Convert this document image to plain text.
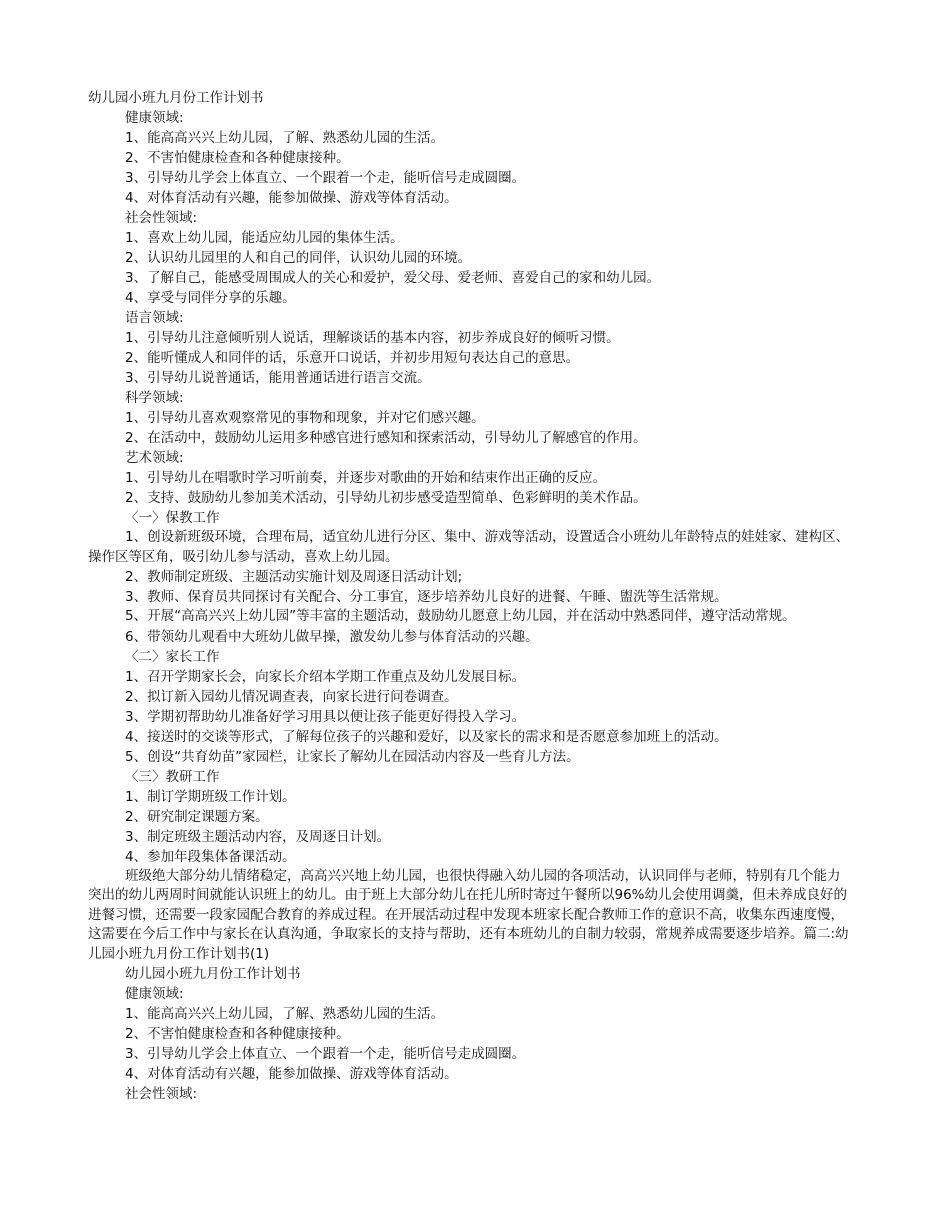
幼儿园小班九月份工作计划书

健康领域:

1、能高高兴兴上幼儿园，了解、熟悉幼儿园的生活。

2、不害怕健康检查和各种健康接种。

3、引导幼儿学会上体直立、一个跟着一个走，能听信号走成圆圈。

4、对体育活动有兴趣，能参加做操、游戏等体育活动。

社会性领域:

1、喜欢上幼儿园，能适应幼儿园的集体生活。

2、认识幼儿园里的人和自己的同伴，认识幼儿园的环境。

3、了解自己，能感受周围成人的关心和爱护，爱父母、爱老师、喜爱自己的家和幼儿园。

4、享受与同伴分享的乐趣。

语言领域:

1、引导幼儿注意倾听别人说话，理解谈话的基本内容，初步养成良好的倾听习惯。

2、能听懂成人和同伴的话，乐意开口说话，并初步用短句表达自己的意思。

3、引导幼儿说普通话，能用普通话进行语言交流。

科学领域:

1、引导幼儿喜欢观察常见的事物和现象，并对它们感兴趣。

2、在活动中，鼓励幼儿运用多种感官进行感知和探索活动，引导幼儿了解感官的作用。

艺术领域:

1、引导幼儿在唱歌时学习听前奏，并逐步对歌曲的开始和结束作出正确的反应。

2、支持、鼓励幼儿参加美术活动，引导幼儿初步感受造型简单、色彩鲜明的美术作品。

〈一〉保教工作

1、创设新班级环境，合理布局，适宜幼儿进行分区、集中、游戏等活动，设置适合小班幼儿年龄特点的娃娃家、建构区、操作区等区角，吸引幼儿参与活动，喜欢上幼儿园。

2、教师制定班级、主题活动实施计划及周逐日活动计划;

3、教师、保育员共同探讨有关配合、分工事宜，逐步培养幼儿良好的进餐、午睡、盥洗等生活常规。

5、开展“高高兴兴上幼儿园”等丰富的主题活动，鼓励幼儿愿意上幼儿园，并在活动中熟悉同伴，遵守活动常规。

6、带领幼儿观看中大班幼儿做早操，激发幼儿参与体育活动的兴趣。

〈二〉家长工作

1、召开学期家长会，向家长介绍本学期工作重点及幼儿发展目标。

2、拟订新入园幼儿情况调查表，向家长进行问卷调查。

3、学期初帮助幼儿准备好学习用具以便让孩子能更好得投入学习。

4、接送时的交谈等形式，了解每位孩子的兴趣和爱好，以及家长的需求和是否愿意参加班上的活动。

5、创设“共育幼苗”家园栏，让家长了解幼儿在园活动内容及一些育儿方法。

〈三〉教研工作

1、制订学期班级工作计划。

2、研究制定课题方案。

3、制定班级主题活动内容，及周逐日计划。

4、参加年段集体备课活动。

班级绝大部分幼儿情绪稳定，高高兴兴地上幼儿园，也很快得融入幼儿园的各项活动，认识同伴与老师，特别有几个能力突出的幼儿两周时间就能认识班上的幼儿。由于班上大部分幼儿在托儿所时寄过午餐所以96%幼儿会使用调羹，但未养成良好的进餐习惯，还需要一段家园配合教育的养成过程。在开展活动过程中发现本班家长配合教师工作的意识不高，收集东西速度慢，这需要在今后工作中与家长在认真沟通，争取家长的支持与帮助，还有本班幼儿的自制力较弱，常规养成需要逐步培养。篇二:幼儿园小班九月份工作计划书(1)

幼儿园小班九月份工作计划书

健康领域:

1、能高高兴兴上幼儿园，了解、熟悉幼儿园的生活。

2、不害怕健康检查和各种健康接种。

3、引导幼儿学会上体直立、一个跟着一个走，能听信号走成圆圈。

4、对体育活动有兴趣，能参加做操、游戏等体育活动。

社会性领域:
